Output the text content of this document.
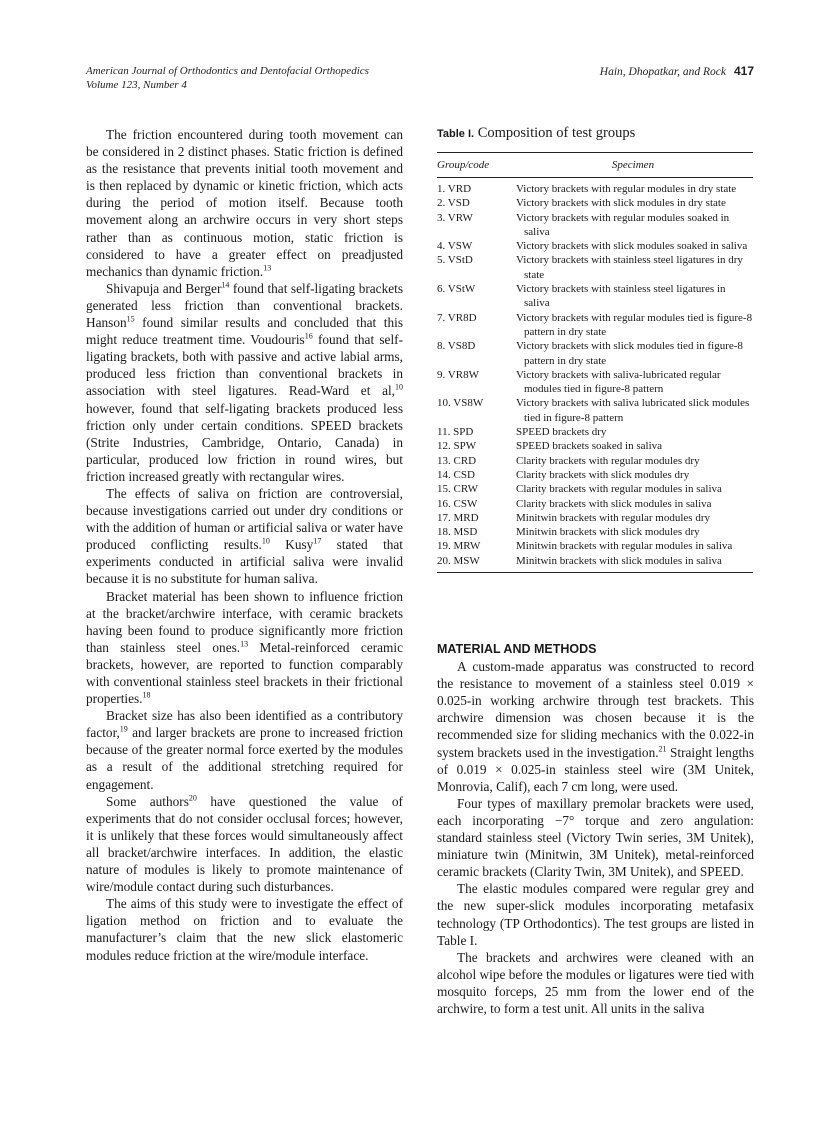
American Journal of Orthodontics and Dentofacial Orthopedics
Volume 123, Number 4
Hain, Dhopatkar, and Rock 417

The friction encountered during tooth movement can be considered in 2 distinct phases. Static friction is defined as the resistance that prevents initial tooth movement and is then replaced by dynamic or kinetic friction, which acts during the period of motion itself. Because tooth movement along an archwire occurs in very short steps rather than as continuous motion, static friction is considered to have a greater effect on preadjusted mechanics than dynamic friction.$^{13}$

Shivapuja and Berger$^{14}$ found that self-ligating brackets generated less friction than conventional brackets. Hanson$^{15}$ found similar results and concluded that this might reduce treatment time. Voudouris$^{16}$ found that self-ligating brackets, both with passive and active labial arms, produced less friction than conventional brackets in association with steel ligatures. Read-Ward et al,$^{10}$ however, found that self-ligating brackets produced less friction only under certain conditions. SPEED brackets (Strite Industries, Cambridge, Ontario, Canada) in particular, produced low friction in round wires, but friction increased greatly with rectangular wires.

The effects of saliva on friction are controversial, because investigations carried out under dry conditions or with the addition of human or artificial saliva or water have produced conflicting results.$^{10}$ Kusy$^{17}$ stated that experiments conducted in artificial saliva were invalid because it is no substitute for human saliva.

Bracket material has been shown to influence friction at the bracket/archwire interface, with ceramic brackets having been found to produce significantly more friction than stainless steel ones.$^{13}$ Metal-reinforced ceramic brackets, however, are reported to function comparably with conventional stainless steel brackets in their frictional properties.$^{18}$

Bracket size has also been identified as a contributory factor,$^{19}$ and larger brackets are prone to increased friction because of the greater normal force exerted by the modules as a result of the additional stretching required for engagement.

Some authors$^{20}$ have questioned the value of experiments that do not consider occlusal forces; however, it is unlikely that these forces would simultaneously affect all bracket/archwire interfaces. In addition, the elastic nature of modules is likely to promote maintenance of wire/module contact during such disturbances.

The aims of this study were to investigate the effect of ligation method on friction and to evaluate the manufacturer’s claim that the new slick elastomeric modules reduce friction at the wire/module interface.

Table I. Composition of test groups
Group/code	Specimen
1. VRD	Victory brackets with regular modules in dry state
2. VSD	Victory brackets with slick modules in dry state
3. VRW	Victory brackets with regular modules soaked in saliva
4. VSW	Victory brackets with slick modules soaked in saliva
5. VStD	Victory brackets with stainless steel ligatures in dry state
6. VStW	Victory brackets with stainless steel ligatures in saliva
7. VR8D	Victory brackets with regular modules tied is figure-8 pattern in dry state
8. VS8D	Victory brackets with slick modules tied in figure-8 pattern in dry state
9. VR8W	Victory brackets with saliva-lubricated regular modules tied in figure-8 pattern
10. VS8W	Victory brackets with saliva lubricated slick modules tied in figure-8 pattern
11. SPD	SPEED brackets dry
12. SPW	SPEED brackets soaked in saliva
13. CRD	Clarity brackets with regular modules dry
14. CSD	Clarity brackets with slick modules dry
15. CRW	Clarity brackets with regular modules in saliva
16. CSW	Clarity brackets with slick modules in saliva
17. MRD	Minitwin brackets with regular modules dry
18. MSD	Minitwin brackets with slick modules dry
19. MRW	Minitwin brackets with regular modules in saliva
20. MSW	Minitwin brackets with slick modules in saliva

MATERIAL AND METHODS

A custom-made apparatus was constructed to record the resistance to movement of a stainless steel 0.019 × 0.025-in working archwire through test brackets. This archwire dimension was chosen because it is the recommended size for sliding mechanics with the 0.022-in system brackets used in the investigation.$^{21}$ Straight lengths of 0.019 × 0.025-in stainless steel wire (3M Unitek, Monrovia, Calif), each 7 cm long, were used.

Four types of maxillary premolar brackets were used, each incorporating −7° torque and zero angulation: standard stainless steel (Victory Twin series, 3M Unitek), miniature twin (Minitwin, 3M Unitek), metal-reinforced ceramic brackets (Clarity Twin, 3M Unitek), and SPEED.

The elastic modules compared were regular grey and the new super-slick modules incorporating metafasix technology (TP Orthodontics). The test groups are listed in Table I.

The brackets and archwires were cleaned with an alcohol wipe before the modules or ligatures were tied with mosquito forceps, 25 mm from the lower end of the archwire, to form a test unit. All units in the saliva
